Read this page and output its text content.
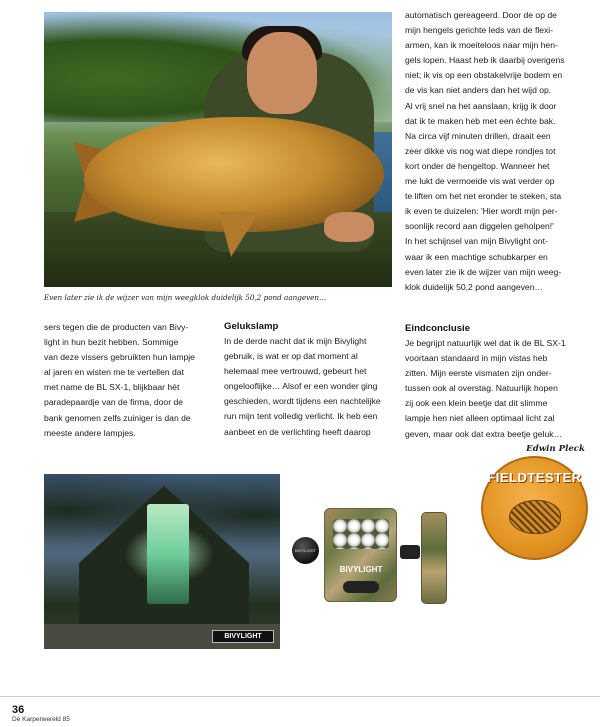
Even later zie ik de wijzer van mijn weegklok duidelijk 50,2 pond aangeven…

automatisch gereageerd. Door de op de

mijn hengels gerichte leds van de flexi-

armen, kan ik moeiteloos naar mijn hen-

gels lopen. Haast heb ik daarbij overigens

niet; ik vis op een obstakelvrije bodem en

de vis kan niet anders dan het wijd op.

Al vrij snel na het aanslaan, krijg ik door

dat ik te maken heb met een échte bak.

Na circa vijf minuten drillen, draait een

zeer dikke vis nog wat diepe rondjes tot

kort onder de hengeltop. Wanneer het

me lukt de vermoeide vis wat verder op

te liften om het net eronder te steken, sta

ik even te duizelen: 'Hier wordt mijn per-

soonlijk record aan diggelen geholpen!'

In het schijnsel van mijn Bivylight ont-

waar ik een machtige schubkarper en

even later zie ik de wijzer van mijn weeg-

klok duidelijk 50,2 pond aangeven…

sers tegen die de producten van Bivy-

light in hun bezit hebben. Sommige

van deze vissers gebruikten hun lampje

al jaren en wisten me te vertellen dat

met name de BL SX-1, blijkbaar hét

paradepaardje van de firma, door de

bank genomen zelfs zuiniger is dan de

meeste andere lampjes.

Gelukslamp

In de derde nacht dat ik mijn Bivylight

gebruik, is wat er op dat moment al

helemaal mee vertrouwd, gebeurt het

ongelooflijke… Alsof er een wonder ging

geschieden, wordt tijdens een nachtelijke

run mijn tent volledig verlicht. Ik heb een

aanbeet en de verlichting heeft daarop

Eindconclusie

Je begrijpt natuurlijk wel dat ik de BL SX-1

voortaan standaard in mijn vistas heb

zitten. Mijn eerste vismaten zijn onder-

tussen ook al overstag. Natuurlijk hopen

zij ook een klein beetje dat dit slimme

lampje hen niet alleen optimaal licht zal

geven, maar ook dat extra beetje geluk…

Edwin Pleck
BIVYLIGHT
BIVYLIGHT
BIVYLIGHT
FIELDTESTER
36
Dé Karperwereld 85
